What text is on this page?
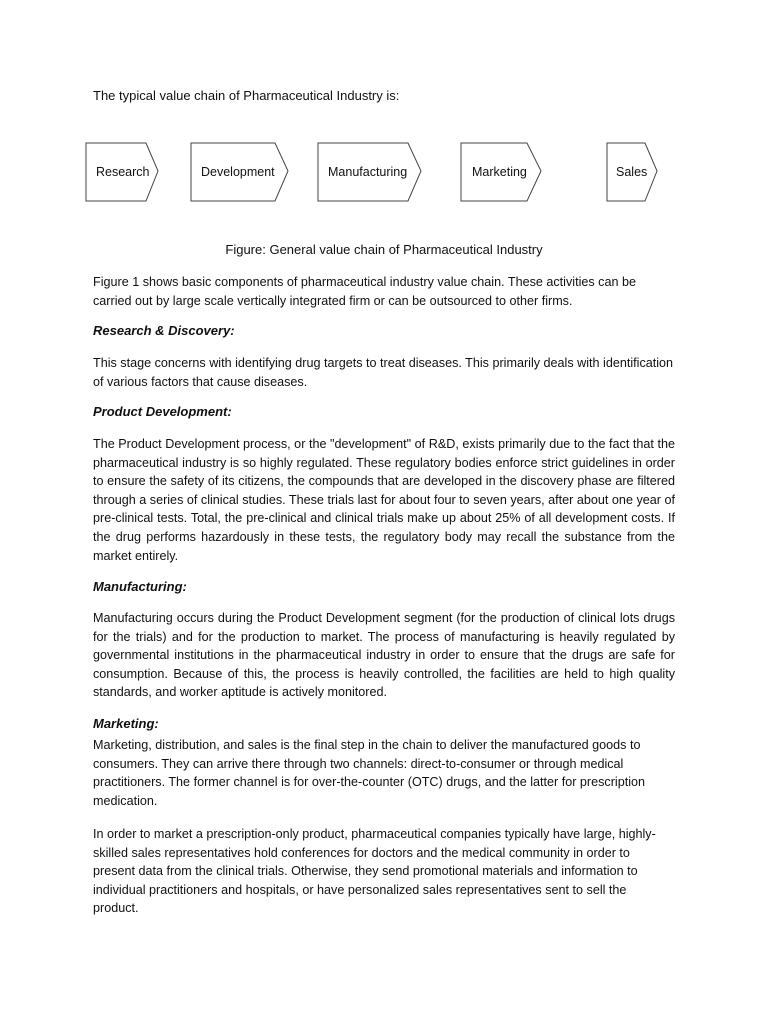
The typical value chain of Pharmaceutical Industry is:
Research	Development	Manufacturing	Marketing	Sales
Figure: General value chain of Pharmaceutical Industry

Figure 1 shows basic components of pharmaceutical industry value chain. These activities can be carried out by large scale vertically integrated firm or can be outsourced to other firms.

Research & Discovery:

This stage concerns with identifying drug targets to treat diseases. This primarily deals with identification of various factors that cause diseases.

Product Development:

The Product Development process, or the "development" of R&D, exists primarily due to the fact that the pharmaceutical industry is so highly regulated. These regulatory bodies enforce strict guidelines in order to ensure the safety of its citizens, the compounds that are developed in the discovery phase are filtered through a series of clinical studies. These trials last for about four to seven years, after about one year of pre-clinical tests. Total, the pre-clinical and clinical trials make up about 25% of all development costs. If the drug performs hazardously in these tests, the regulatory body may recall the substance from the market entirely.

Manufacturing:

Manufacturing occurs during the Product Development segment (for the production of clinical lots drugs for the trials) and for the production to market. The process of manufacturing is heavily regulated by governmental institutions in the pharmaceutical industry in order to ensure that the drugs are safe for consumption. Because of this, the process is heavily controlled, the facilities are held to high quality standards, and worker aptitude is actively monitored.

Marketing:

Marketing, distribution, and sales is the final step in the chain to deliver the manufactured goods to consumers. They can arrive there through two channels: direct-to-consumer or through medical practitioners. The former channel is for over-the-counter (OTC) drugs, and the latter for prescription medication.

In order to market a prescription-only product, pharmaceutical companies typically have large, highly-skilled sales representatives hold conferences for doctors and the medical community in order to present data from the clinical trials. Otherwise, they send promotional materials and information to individual practitioners and hospitals, or have personalized sales representatives sent to sell the product.
